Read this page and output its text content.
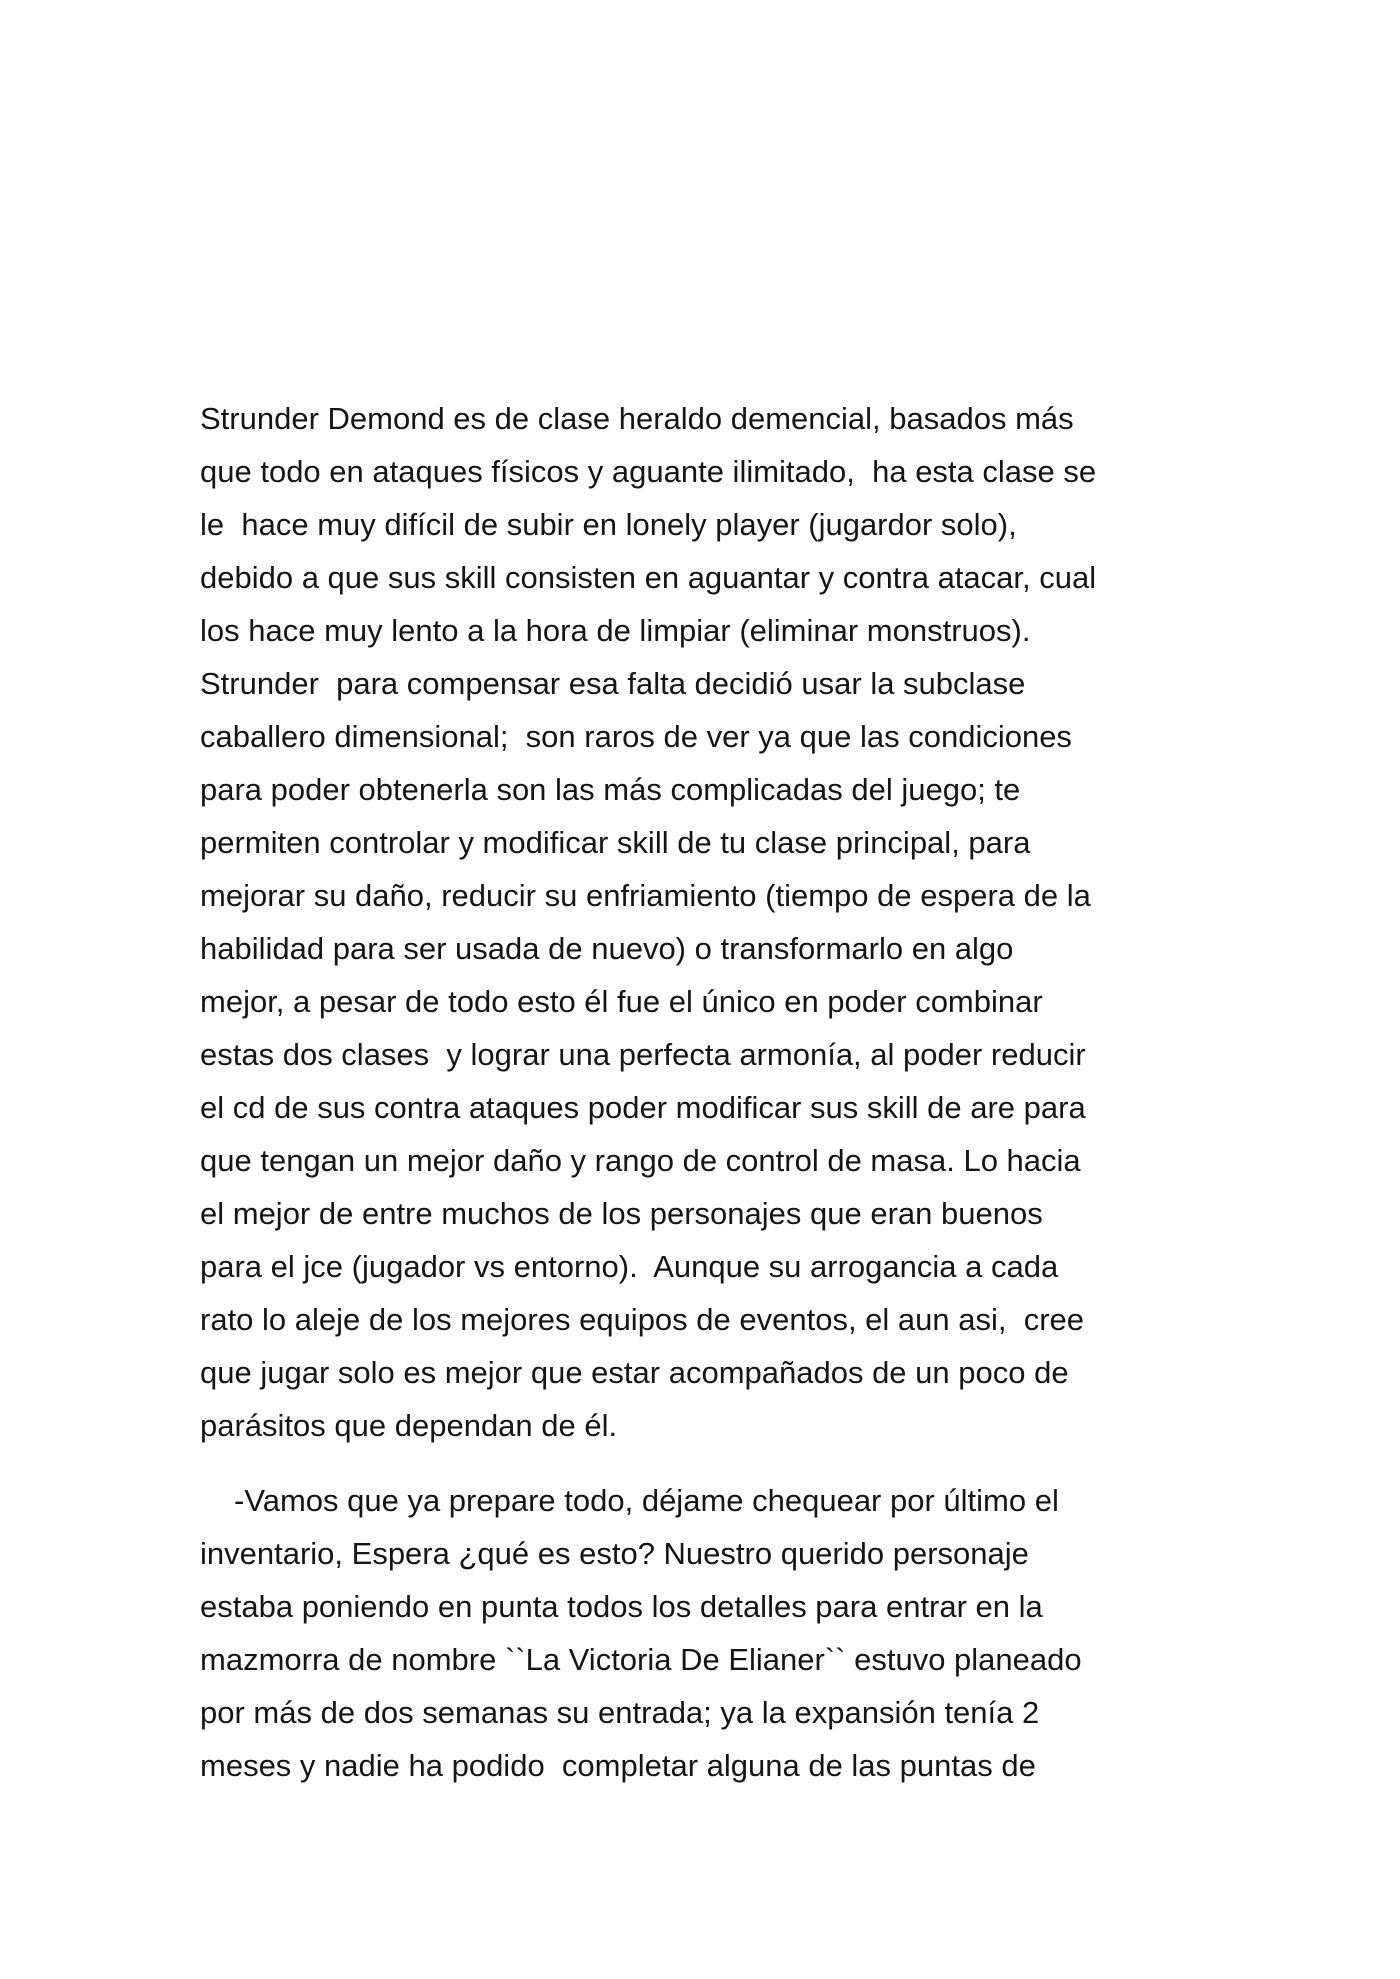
Strunder Demond es de clase heraldo demencial, basados más
que todo en ataques físicos y aguante ilimitado,  ha esta clase se
le  hace muy difícil de subir en lonely player (jugardor solo),
debido a que sus skill consisten en aguantar y contra atacar, cual
los hace muy lento a la hora de limpiar (eliminar monstruos).
Strunder  para compensar esa falta decidió usar la subclase
caballero dimensional;  son raros de ver ya que las condiciones
para poder obtenerla son las más complicadas del juego; te
permiten controlar y modificar skill de tu clase principal, para
mejorar su daño, reducir su enfriamiento (tiempo de espera de la
habilidad para ser usada de nuevo) o transformarlo en algo
mejor, a pesar de todo esto él fue el único en poder combinar
estas dos clases  y lograr una perfecta armonía, al poder reducir
el cd de sus contra ataques poder modificar sus skill de are para
que tengan un mejor daño y rango de control de masa. Lo hacia
el mejor de entre muchos de los personajes que eran buenos
para el jce (jugador vs entorno).  Aunque su arrogancia a cada
rato lo aleje de los mejores equipos de eventos, el aun asi,  cree
que jugar solo es mejor que estar acompañados de un poco de
parásitos que dependan de él.
-Vamos que ya prepare todo, déjame chequear por último el
inventario, Espera ¿qué es esto? Nuestro querido personaje
estaba poniendo en punta todos los detalles para entrar en la
mazmorra de nombre ``La Victoria De Elianer`` estuvo planeado
por más de dos semanas su entrada; ya la expansión tenía 2
meses y nadie ha podido  completar alguna de las puntas de
